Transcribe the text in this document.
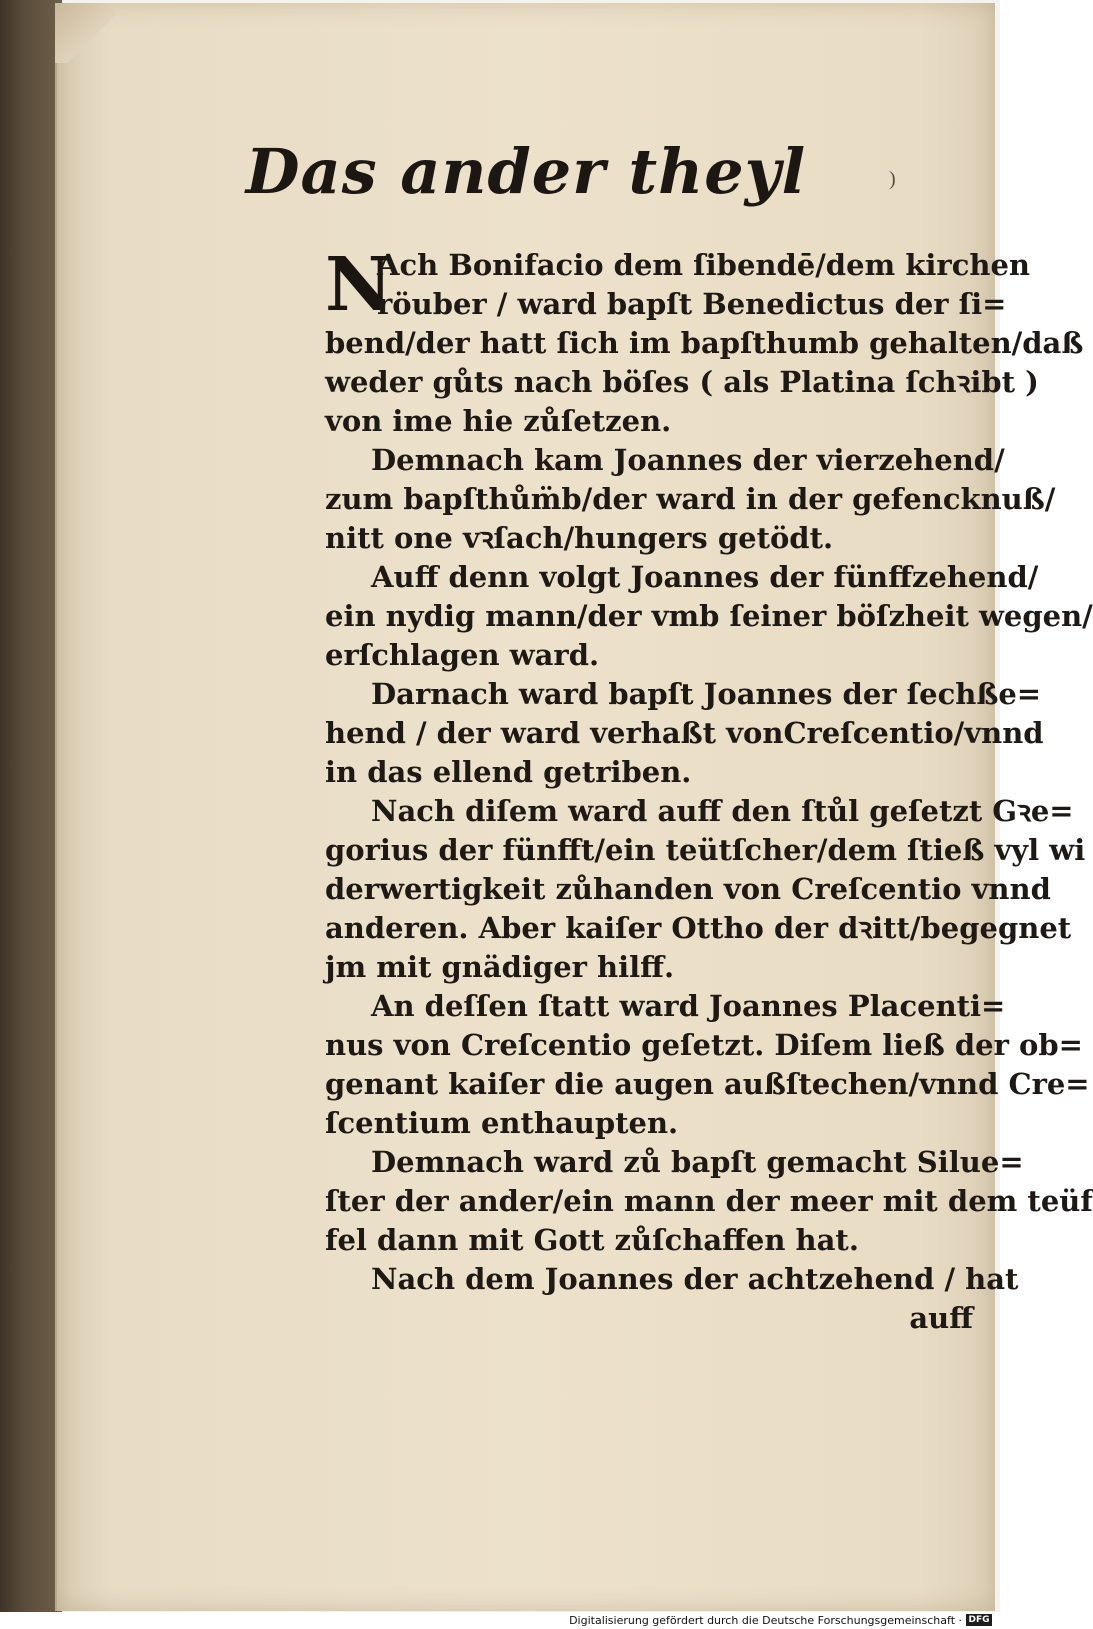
Das ander theyl	)
N
Ach Bonifacio dem ſibendē/dem kirchen
röuber / ward bapſt Benedictus der ſi=
bend/der hatt ſich im bapſthumb gehalten/daß
weder gůts nach böſes ( als Platina ſchꝛibt )
von ime hie zůſetzen.
Demnach kam Joannes der vierzehend/
zum bapſthům̈b/der ward in der gefencknuß/
nitt one vꝛſach/hungers getödt.
Auff denn volgt Joannes der fünffzehend/
ein nydig mann/der vmb ſeiner böſzheit wegen/
erſchlagen ward.
Darnach ward bapſt Joannes der ſechße=
hend / der ward verhaßt vonCreſcentio/vnnd
in das ellend getriben.
Nach diſem ward auff den ſtůl geſetzt Gꝛe=
gorius der fünfft/ein teütſcher/dem ſtieß vyl wi
derwertigkeit zůhanden von Creſcentio vnnd
anderen. Aber kaiſer Ottho der dꝛitt/begegnet
jm mit gnädiger hilff.
An deſſen ſtatt ward Joannes Placenti=
nus von Creſcentio geſetzt. Diſem ließ der ob=
genant kaiſer die augen außſtechen/vnnd Cre=
ſcentium enthaupten.
Demnach ward zů bapſt gemacht Silue=
ſter der ander/ein mann der meer mit dem teüf
fel dann mit Gott zůſchaffen hat.
Nach dem Joannes der achtzehend / hat
auff
Digitalisierung gefördert durch die Deutsche Forschungsgemeinschaft · DFG
